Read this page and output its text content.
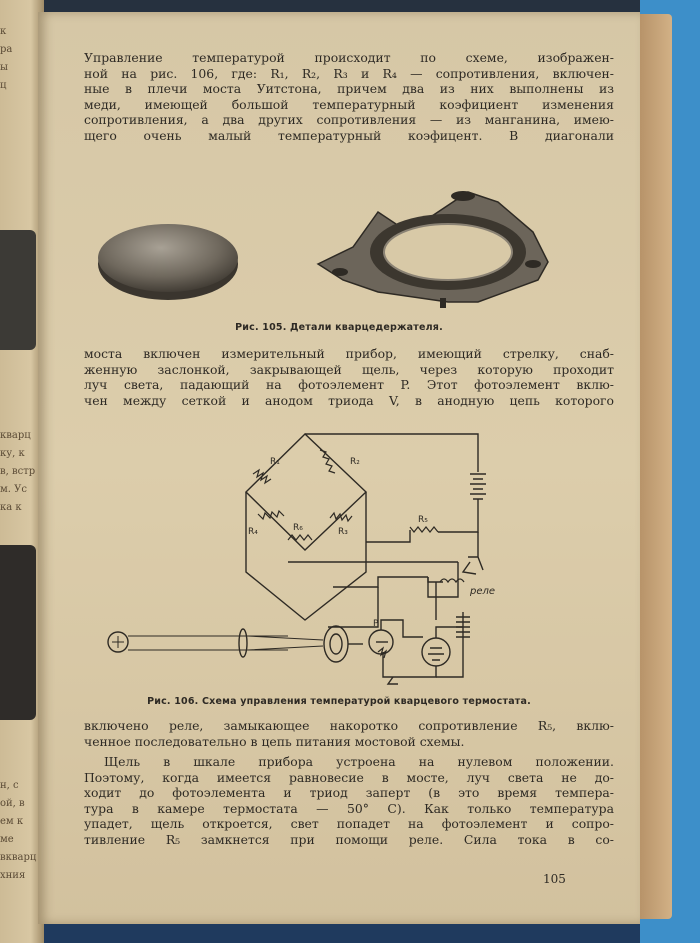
к
ра
ы
ц
кварц
ку, к
в, встр
м. Ус
ка к
н, с
ой, в
ем к
ме
вкварц
хния
Управление температурой происходит по схеме, изображен-
ной на рис. 106, где: R₁, R₂, R₃ и R₄ — сопротивления, включен-
ные в плечи моста Уитстона, причем два из них выполнены из
меди, имеющей большой температурный коэфициент изменения
сопротивления, а два других сопротивления — из манганина, имею-
щего очень малый температурный коэфицент. В диагонали
Рис. 105. Детали кварцедержателя.
моста включен измерительный прибор, имеющий стрелку, снаб-
женную заслонкой, закрывающей щель, через которую проходит
луч света, падающий на фотоэлемент P. Этот фотоэлемент вклю-
чен между сеткой и анодом триода V, в анодную цепь которого
R₁	R₂
R₄	R₆	R₃
R₅
реле
P
Рис. 106. Схема управления температурой кварцевого термостата.
включено реле, замыкающее накоротко сопротивление R₅, вклю-
ченное последовательно в цепь питания мостовой схемы.
Щель в шкале прибора устроена на нулевом положении.
Поэтому, когда имеется равновесие в мосте, луч света не до-
ходит до фотоэлемента и триод заперт (в это время темпера-
тура в камере термостата — 50° C). Как только температура
упадет, щель откроется, свет попадет на фотоэлемент и сопро-
тивление R₅ замкнется при помощи реле. Сила тока в со-
105
